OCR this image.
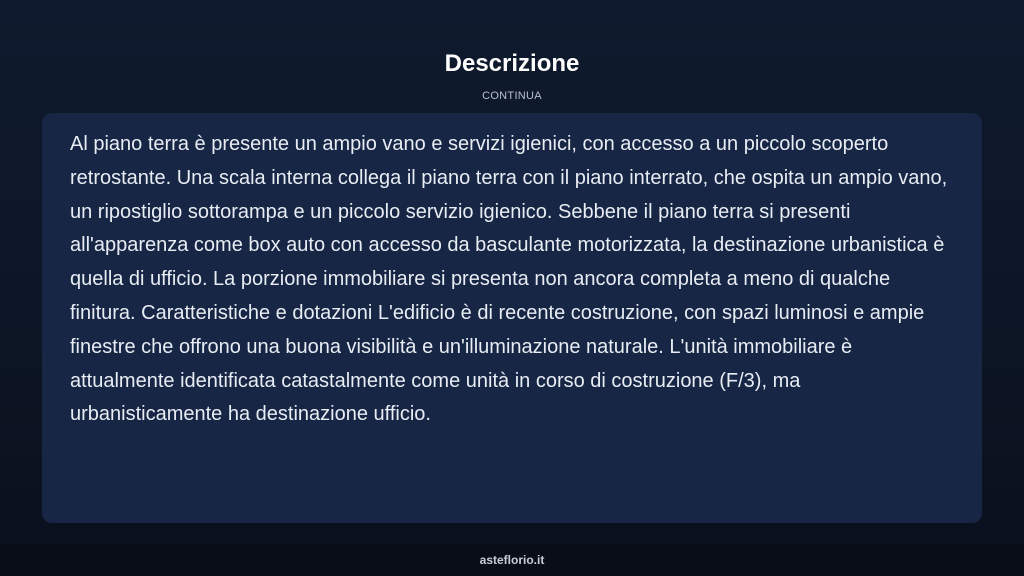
Descrizione
CONTINUA

Al piano terra è presente un ampio vano e servizi igienici, con accesso a un piccolo scoperto retrostante. Una scala interna collega il piano terra con il piano interrato, che ospita un ampio vano, un ripostiglio sottorampa e un piccolo servizio igienico. Sebbene il piano terra si presenti all'apparenza come box auto con accesso da basculante motorizzata, la destinazione urbanistica è quella di ufficio. La porzione immobiliare si presenta non ancora completa a meno di qualche finitura. Caratteristiche e dotazioni L'edificio è di recente costruzione, con spazi luminosi e ampie finestre che offrono una buona visibilità e un'illuminazione naturale. L'unità immobiliare è attualmente identificata catastalmente come unità in corso di costruzione (F/3), ma urbanisticamente ha destinazione ufficio.

asteflorio.it
